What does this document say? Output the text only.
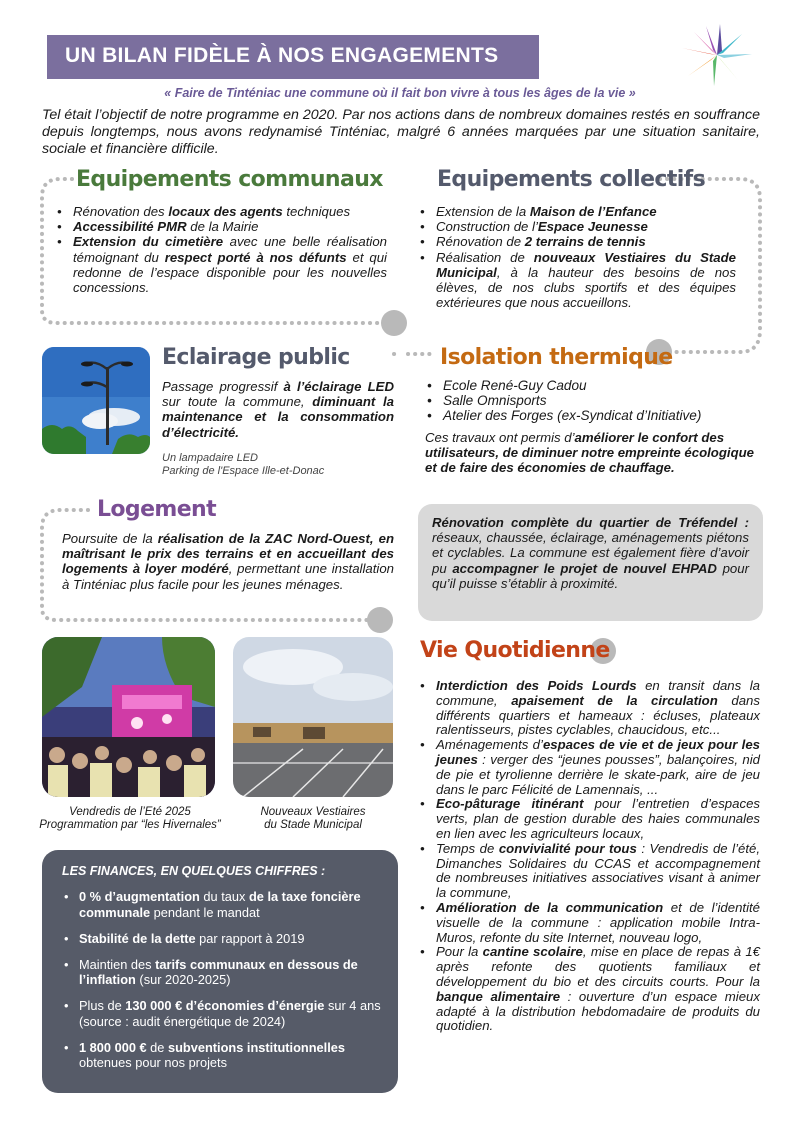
UN BILAN FIDÈLE À NOS ENGAGEMENTS
« Faire de Tinténiac une commune où il fait bon vivre à tous les âges de la vie »
Tel était l’objectif de notre programme en 2020. Par nos actions dans de nombreux domaines restés en souffrance depuis longtemps, nous avons redynamisé Tinténiac, malgré 6 années marquées par une situation sanitaire, sociale et financière difficile.
Equipements communaux
• Rénovation des locaux des agents techniques
• Accessibilité PMR de la Mairie
• Extension du cimetière avec une belle réalisation témoignant du respect porté à nos défunts et qui redonne de l’espace disponible pour les nouvelles concessions.
Equipements collectifs
• Extension de la Maison de l’Enfance
• Construction de l’Espace Jeunesse
• Rénovation de 2 terrains de tennis
• Réalisation de nouveaux Vestiaires du Stade Municipal, à la hauteur des besoins de nos élèves, de nos clubs sportifs et des équipes extérieures que nous accueillons.
Eclairage public
Passage progressif à l’éclairage LED sur toute la commune, diminuant la maintenance et la consommation d’électricité.
Un lampadaire LED
Parking de l'Espace Ille-et-Donac
Isolation thermique
• Ecole René-Guy Cadou
• Salle Omnisports
• Atelier des Forges (ex-Syndicat d’Initiative)
Ces travaux ont permis d’améliorer le confort des utilisateurs, de diminuer notre empreinte écologique et de faire des économies de chauffage.
Logement
Poursuite de la réalisation de la ZAC Nord-Ouest, en maîtrisant le prix des terrains et en accueillant des logements à loyer modéré, permettant une installation à Tinténiac plus facile pour les jeunes ménages.
Rénovation complète du quartier de Tréfendel : réseaux, chaussée, éclairage, aménagements piétons et cyclables. La commune est également fière d’avoir pu accompagner le projet de nouvel EHPAD pour qu’il puisse s’établir à proximité.
Vendredis de l’Eté 2025
Programmation par “les Hivernales”
Nouveaux Vestiaires
du Stade Municipal
LES FINANCES, EN QUELQUES CHIFFRES :
• 0 % d’augmentation du taux de la taxe foncière communale pendant le mandat
• Stabilité de la dette par rapport à 2019
• Maintien des tarifs communaux en dessous de l’inflation (sur 2020-2025)
• Plus de 130 000 € d’économies d’énergie sur 4 ans (source : audit énergétique de 2024)
• 1 800 000 € de subventions institutionnelles obtenues pour nos projets
Vie Quotidienne
• Interdiction des Poids Lourds en transit dans la commune, apaisement de la circulation dans différents quartiers et hameaux : écluses, plateaux ralentisseurs, pistes cyclables, chaucidous, etc...
• Aménagements d’espaces de vie et de jeux pour les jeunes : verger des “jeunes pousses”, balançoires, nid de pie et tyrolienne derrière le skate-park, aire de jeu dans le parc Félicité de Lamennais, ...
• Eco-pâturage itinérant pour l’entretien d’espaces verts, plan de gestion durable des haies communales en lien avec les agriculteurs locaux,
• Temps de convivialité pour tous : Vendredis de l’été, Dimanches Solidaires du CCAS et accompagnement de nombreuses initiatives associatives visant à animer la commune,
• Amélioration de la communication et de l’identité visuelle de la commune : application mobile Intra-Muros, refonte du site Internet, nouveau logo,
• Pour la cantine scolaire, mise en place de repas à 1€ après refonte des quotients familiaux et développement du bio et des circuits courts. Pour la banque alimentaire : ouverture d’un espace mieux adapté à la distribution hebdomadaire de produits du quotidien.
